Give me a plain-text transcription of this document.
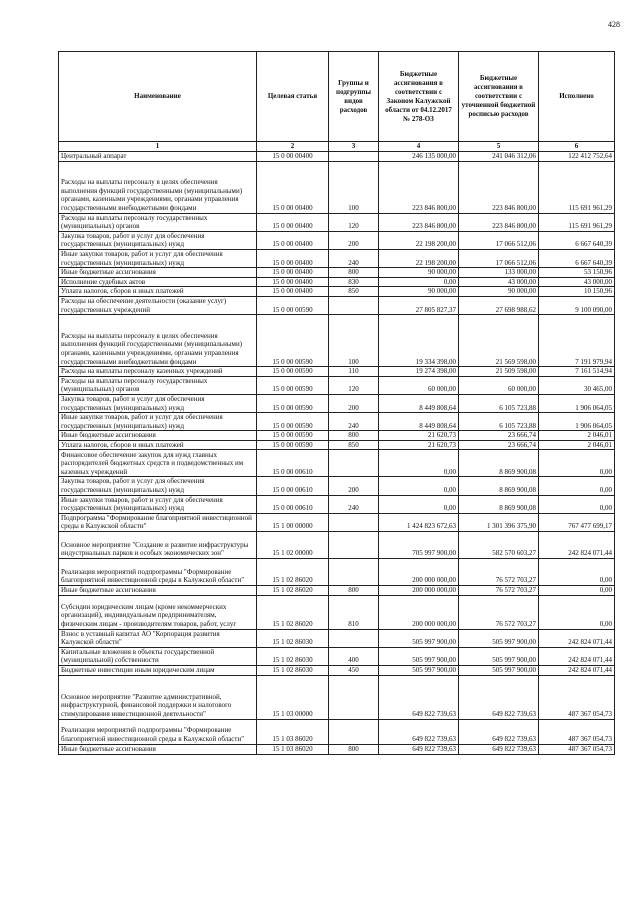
428
Наименование	Целевая статья	Группы и подгруппы видов расходов	Бюджетные ассигнования в соответствии с Законом Калужской области от 04.12.2017 № 278-ОЗ	Бюджетные ассигнования в соответствии с уточненной бюджетной росписью расходов	Исполнено
1	2	3	4	5	6
Центральный аппарат	15 0 00 00400		246 135 000,00	241 046 312,06	122 412 752,64
Расходы на выплаты персоналу в целях обеспечения выполнения функций государственными (муниципальными) органами, казенными учреждениями, органами управления государственными внебюджетными фондами	15 0 00 00400	100	223 846 800,00	223 846 800,00	115 691 961,29
Расходы на выплаты персоналу государственных (муниципальных) органов	15 0 00 00400	120	223 846 800,00	223 846 800,00	115 691 961,29
Закупка товаров, работ и услуг для обеспечения государственных (муниципальных) нужд	15 0 00 00400	200	22 198 200,00	17 066 512,06	6 667 640,39
Иные закупки товаров, работ и услуг для обеспечения государственных (муниципальных) нужд	15 0 00 00400	240	22 198 200,00	17 066 512,06	6 667 640,39
Иные бюджетные ассигнования	15 0 00 00400	800	90 000,00	133 000,00	53 150,96
Исполнение судебных актов	15 0 00 00400	830	0,00	43 000,00	43 000,00
Уплата налогов, сборов и иных платежей	15 0 00 00400	850	90 000,00	90 000,00	10 150,96
Расходы на обеспечение деятельности (оказание услуг) государственных учреждений	15 0 00 00590		27 805 827,37	27 698 988,62	9 100 090,00
Расходы на выплаты персоналу в целях обеспечения выполнения функций государственными (муниципальными) органами, казенными учреждениями, органами управления государственными внебюджетными фондами	15 0 00 00590	100	19 334 398,00	21 569 598,00	7 191 979,94
Расходы на выплаты персоналу казенных учреждений	15 0 00 00590	110	19 274 398,00	21 509 598,00	7 161 514,94
Расходы на выплаты персоналу государственных (муниципальных) органов	15 0 00 00590	120	60 000,00	60 000,00	30 465,00
Закупка товаров, работ и услуг для обеспечения государственных (муниципальных) нужд	15 0 00 00590	200	8 449 808,64	6 105 723,88	1 906 064,05
Иные закупки товаров, работ и услуг для обеспечения государственных (муниципальных) нужд	15 0 00 00590	240	8 449 808,64	6 105 723,88	1 906 064,05
Иные бюджетные ассигнования	15 0 00 00590	800	21 620,73	23 666,74	2 046,01
Уплата налогов, сборов и иных платежей	15 0 00 00590	850	21 620,73	23 666,74	2 046,01
Финансовое обеспечение закупок для нужд главных распорядителей бюджетных средств и подведомственных им казенных учреждений	15 0 00 00610		0,00	8 869 900,08	0,00
Закупка товаров, работ и услуг для обеспечения государственных (муниципальных) нужд	15 0 00 00610	200	0,00	8 869 900,08	0,00
Иные закупки товаров, работ и услуг для обеспечения государственных (муниципальных) нужд	15 0 00 00610	240	0,00	8 869 900,08	0,00
Подпрограмма "Формирование благоприятной инвестиционной среды в Калужской области"	15 1 00 00000		1 424 823 672,63	1 301 396 375,90	767 477 699,17
Основное мероприятие "Создание и развитие инфраструктуры индустриальных парков и особых экономических зон"	15 1 02 00000		705 997 900,00	582 570 603,27	242 824 071,44
Реализация мероприятий подпрограммы "Формирование благоприятной инвестиционной среды в Калужской области"	15 1 02 86020		200 000 000,00	76 572 703,27	0,00
Иные бюджетные ассигнования	15 1 02 86020	800	200 000 000,00	76 572 703,27	0,00
Субсидии юридическим лицам (кроме некоммерческих организаций), индивидуальным предпринимателям, физическим лицам - производителям товаров, работ, услуг	15 1 02 86020	810	200 000 000,00	76 572 703,27	0,00
Взнос в уставный капитал АО "Корпорация развития Калужской области"	15 1 02 86030		505 997 900,00	505 997 900,00	242 824 071,44
Капитальные вложения в объекты государственной (муниципальной) собственности	15 1 02 86030	400	505 997 900,00	505 997 900,00	242 824 071,44
Бюджетные инвестиции иным юридическим лицам	15 1 02 86030	450	505 997 900,00	505 997 900,00	242 824 071,44
Основное мероприятие "Развитие административной, инфраструктурной, финансовой поддержки и налогового стимулирования инвестиционной деятельности"	15 1 03 00000		649 822 739,63	649 822 739,63	487 367 054,73
Реализация мероприятий подпрограммы "Формирование благоприятной инвестиционной среды в Калужской области"	15 1 03 86020		649 822 739,63	649 822 739,63	487 367 054,73
Иные бюджетные ассигнования	15 1 03 86020	800	649 822 739,63	649 822 739,63	487 367 054,73
